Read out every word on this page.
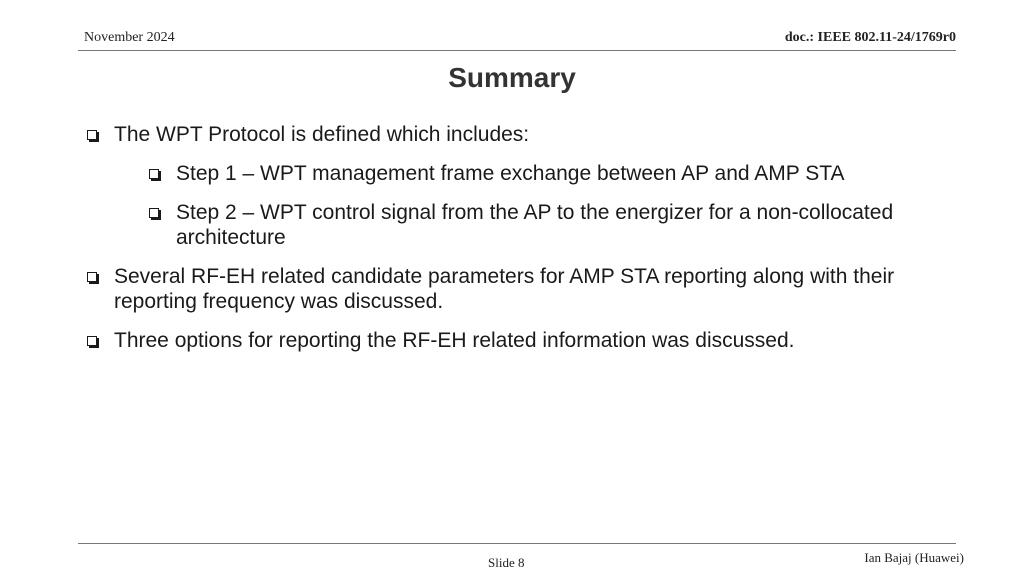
November 2024	doc.: IEEE 802.11-24/1769r0
Summary
The WPT Protocol is defined which includes:
Step 1 – WPT management frame exchange between AP and AMP STA
Step 2 – WPT control signal from the AP to the energizer for a non-collocated architecture
Several RF-EH related candidate parameters for AMP STA reporting along with their reporting frequency was discussed.
Three options for reporting the RF-EH related information was discussed.
Slide 8	Ian Bajaj (Huawei)
